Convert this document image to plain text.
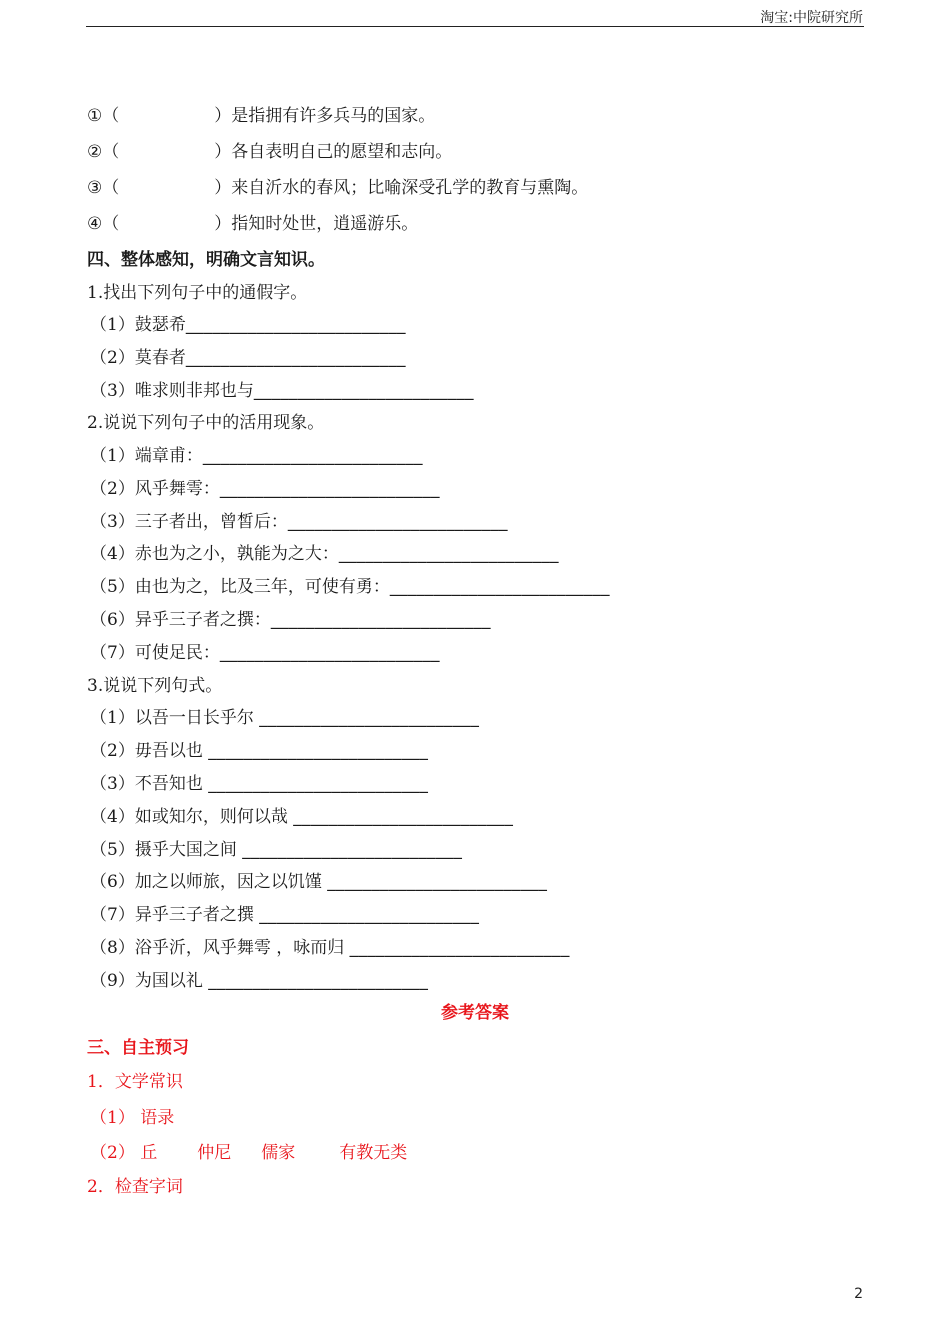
淘宝:中院研究所
①（	）是指拥有许多兵马的国家。
②（	）各自表明自己的愿望和志向。
③（	）来自沂水的春风；比喻深受孔学的教育与熏陶。
④（	）指知时处世，逍遥游乐。
四、整体感知，明确文言知识。
1.找出下列句子中的通假字。
（1）鼓瑟希_________________________
（2）莫春者_________________________
（3）唯求则非邦也与_________________________
2.说说下列句子中的活用现象。
（1）端章甫：_________________________
（2）风乎舞雩：_________________________
（3）三子者出，曾皙后：_________________________
（4）赤也为之小，孰能为之大：_________________________
（5）由也为之，比及三年，可使有勇：_________________________
（6）异乎三子者之撰：_________________________
（7）可使足民：_________________________
3.说说下列句式。
（1）以吾一日长乎尔 _________________________
（2）毋吾以也 _________________________
（3）不吾知也 _________________________
（4）如或知尔，则何以哉 _________________________
（5）摄乎大国之间 _________________________
（6）加之以师旅，因之以饥馑 _________________________
（7）异乎三子者之撰 _________________________
（8）浴乎沂，风乎舞雩 ，咏而归 _________________________
（9）为国以礼 _________________________
参考答案
三、自主预习
1．文学常识
（1） 语录
（2） 丘 仲尼 儒家	有教无类
2．检查字词
2
